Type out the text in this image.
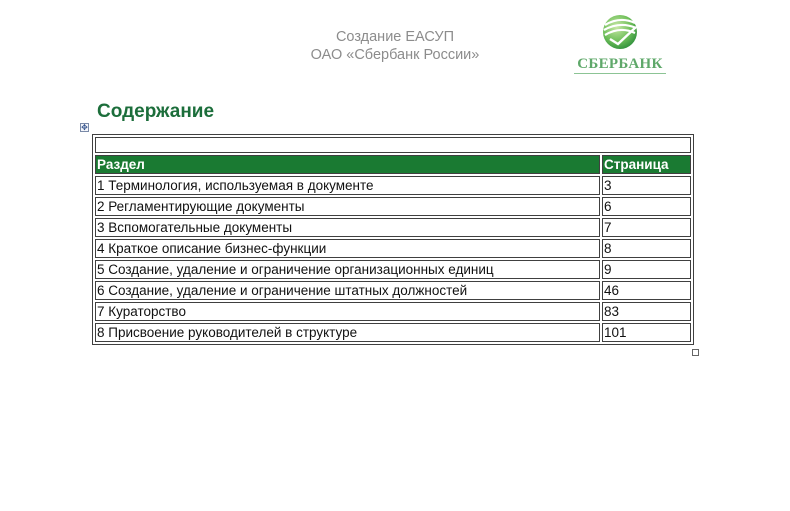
Создание ЕАСУП
ОАО «Сбербанк России»
СБЕРБАНК
Содержание
✥

Раздел	Страница
1 Терминология, используемая в документе	3
2 Регламентирующие документы	6
3 Вспомогательные документы	7
4 Краткое описание бизнес-функции	8
5 Создание, удаление и ограничение организационных единиц	9
6 Создание, удаление и ограничение штатных должностей	46
7 Кураторство	83
8 Присвоение руководителей в структуре	101
